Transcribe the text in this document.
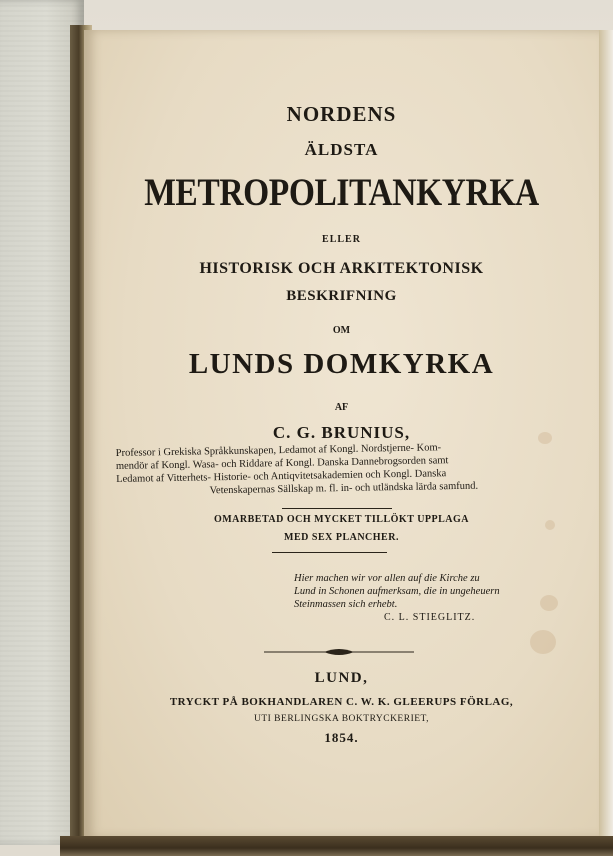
NORDENS
ÄLDSTA
METROPOLITANKYRKA
ELLER
HISTORISK OCH ARKITEKTONISK
BESKRIFNING
OM
LUNDS DOMKYRKA
AF
C. G. BRUNIUS,
Professor i Grekiska Språkkunskapen, Ledamot af Kongl. Nordstjerne- Kom-
mendör af Kongl. Wasa- och Riddare af Kongl. Danska Dannebrogsorden samt
Ledamot af Vitterhets- Historie- och Antiqvitetsakademien och Kongl. Danska
Vetenskapernas Sällskap m. fl. in- och utländska lärda samfund.
OMARBETAD OCH MYCKET TILLÖKT UPPLAGA
MED SEX PLANCHER.
Hier machen wir vor allen auf die Kirche zu
Lund in Schonen aufmerksam, die in ungeheuern
Steinmassen sich erhebt.
C. L. STIEGLITZ.
LUND,
TRYCKT PÅ BOKHANDLAREN C. W. K. GLEERUPS FÖRLAG,
UTI BERLINGSKA BOKTRYCKERIET,
1854.
